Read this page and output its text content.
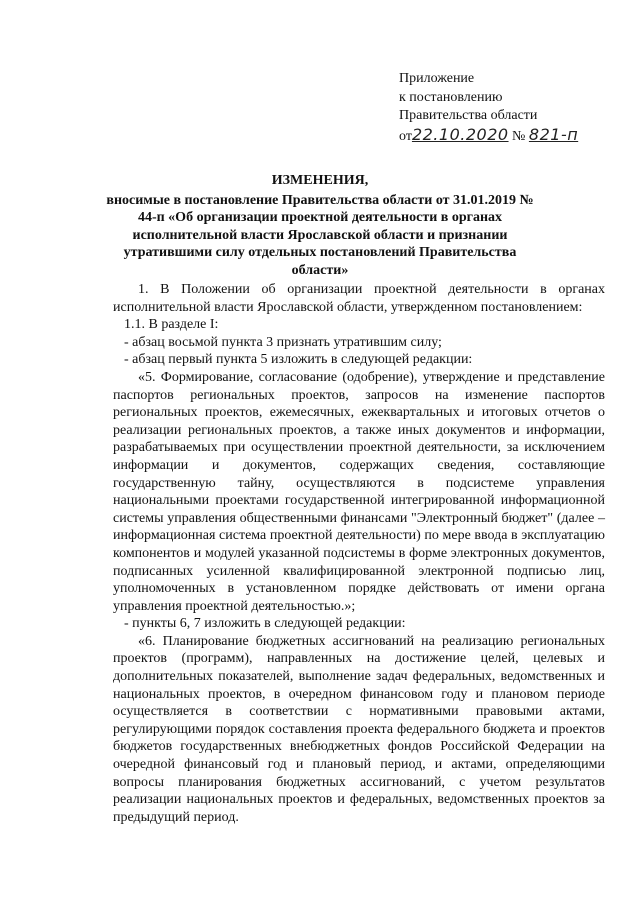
Приложение
к постановлению
Правительства области
от22.10.2020 № 821-п
ИЗМЕНЕНИЯ,
вносимые в постановление Правительства области от 31.01.2019 № 44-п «Об организации проектной деятельности в органах исполнительной власти Ярославской области и признании утратившими силу отдельных постановлений Правительства области»

1. В Положении об организации проектной деятельности в органах исполнительной власти Ярославской области, утвержденном постановлением:

1.1. В разделе I:

- абзац восьмой пункта 3 признать утратившим силу;

- абзац первый пункта 5 изложить в следующей редакции:

«5. Формирование, согласование (одобрение), утверждение и представление паспортов региональных проектов, запросов на изменение паспортов региональных проектов, ежемесячных, ежеквартальных и итоговых отчетов о реализации региональных проектов, а также иных документов и информации, разрабатываемых при осуществлении проектной деятельности, за исключением информации и документов, содержащих сведения, составляющие государственную тайну, осуществляются в подсистеме управления национальными проектами государственной интегрированной информационной системы управления общественными финансами "Электронный бюджет" (далее – информационная система проектной деятельности) по мере ввода в эксплуатацию компонентов и модулей указанной подсистемы в форме электронных документов, подписанных усиленной квалифицированной электронной подписью лиц, уполномоченных в установленном порядке действовать от имени органа управления проектной деятельностью.»;

- пункты 6, 7 изложить в следующей редакции:

«6. Планирование бюджетных ассигнований на реализацию региональных проектов (программ), направленных на достижение целей, целевых и дополнительных показателей, выполнение задач федеральных, ведомственных и национальных проектов, в очередном финансовом году и плановом периоде осуществляется в соответствии с нормативными правовыми актами, регулирующими порядок составления проекта федерального бюджета и проектов бюджетов государственных внебюджетных фондов Российской Федерации на очередной финансовый год и плановый период, и актами, определяющими вопросы планирования бюджетных ассигнований, с учетом результатов реализации национальных проектов и федеральных, ведомственных проектов за предыдущий период.
